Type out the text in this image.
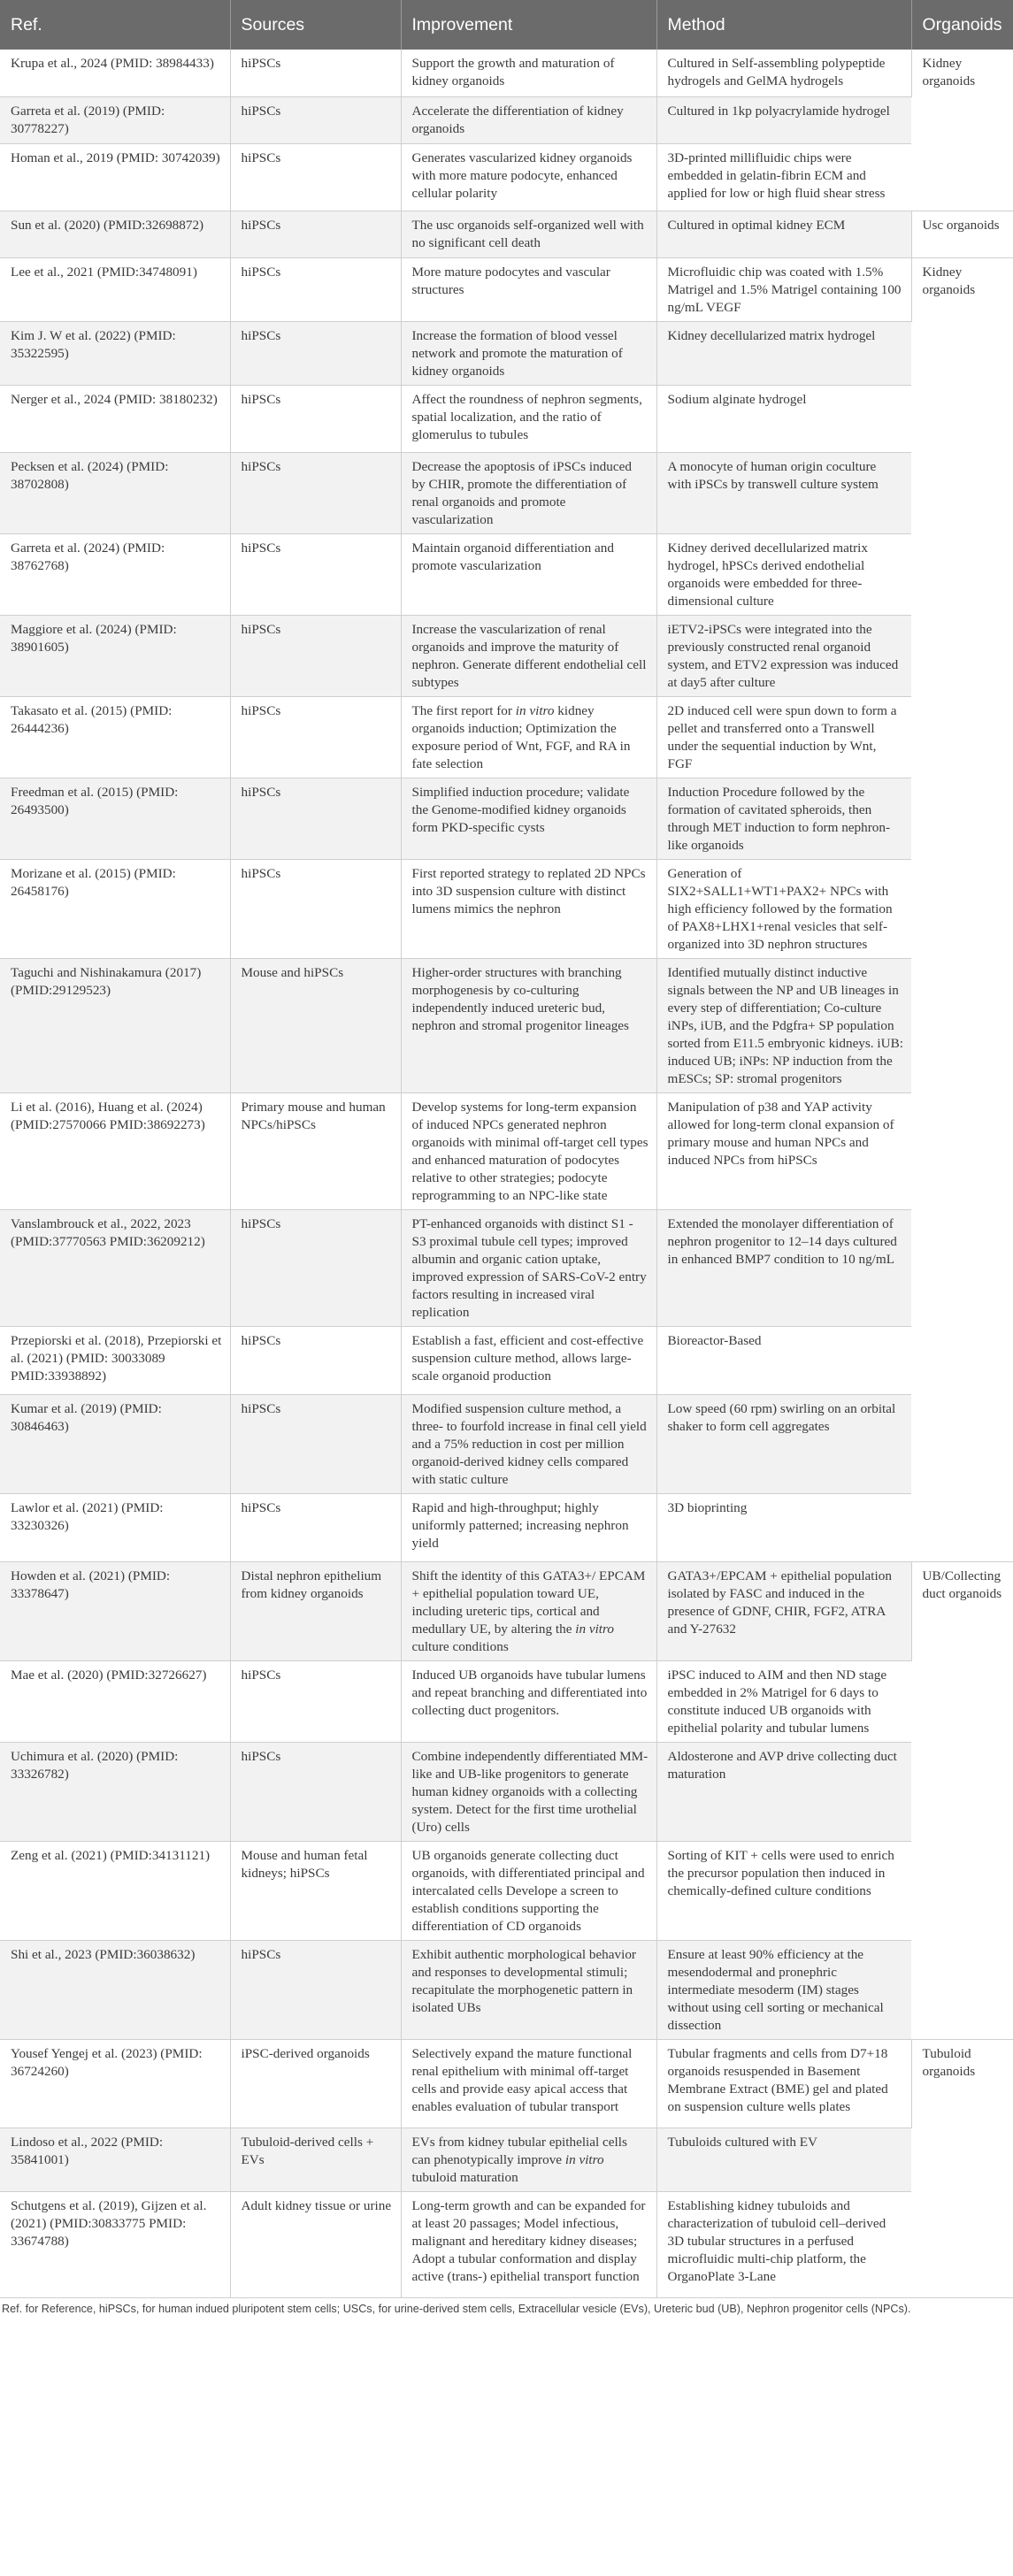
Ref.	Sources	Improvement	Method	Organoids
Krupa et al., 2024 (PMID: 38984433)	hiPSCs	Support the growth and maturation of kidney organoids	Cultured in Self-assembling polypeptide hydrogels and GelMA hydrogels	Kidney organoids
Garreta et al. (2019) (PMID: 30778227)	hiPSCs	Accelerate the differentiation of kidney organoids	Cultured in 1kp polyacrylamide hydrogel	
Homan et al., 2019 (PMID: 30742039)	hiPSCs	Generates vascularized kidney organoids with more mature podocyte, enhanced cellular polarity	3D-printed millifluidic chips were embedded in gelatin-fibrin ECM and applied for low or high fluid shear stress	
Sun et al. (2020) (PMID:32698872)	hiPSCs	The usc organoids self-organized well with no significant cell death	Cultured in optimal kidney ECM	Usc organoids
Lee et al., 2021 (PMID:34748091)	hiPSCs	More mature podocytes and vascular structures	Microfluidic chip was coated with 1.5% Matrigel and 1.5% Matrigel containing 100 ng/mL VEGF	Kidney organoids
Kim J. W et al. (2022) (PMID: 35322595)	hiPSCs	Increase the formation of blood vessel network and promote the maturation of kidney organoids	Kidney decellularized matrix hydrogel	
Nerger et al., 2024 (PMID: 38180232)	hiPSCs	Affect the roundness of nephron segments, spatial localization, and the ratio of glomerulus to tubules	Sodium alginate hydrogel	
Pecksen et al. (2024) (PMID: 38702808)	hiPSCs	Decrease the apoptosis of iPSCs induced by CHIR, promote the differentiation of renal organoids and promote vascularization	A monocyte of human origin coculture with iPSCs by transwell culture system	
Garreta et al. (2024) (PMID: 38762768)	hiPSCs	Maintain organoid differentiation and promote vascularization	Kidney derived decellularized matrix hydrogel, hPSCs derived endothelial organoids were embedded for three-dimensional culture	
Maggiore et al. (2024) (PMID: 38901605)	hiPSCs	Increase the vascularization of renal organoids and improve the maturity of nephron. Generate different endothelial cell subtypes	iETV2-iPSCs were integrated into the previously constructed renal organoid system, and ETV2 expression was induced at day5 after culture	
Takasato et al. (2015) (PMID: 26444236)	hiPSCs	The first report for in vitro kidney organoids induction; Optimization the exposure period of Wnt, FGF, and RA in fate selection	2D induced cell were spun down to form a pellet and transferred onto a Transwell under the sequential induction by Wnt, FGF	
Freedman et al. (2015) (PMID: 26493500)	hiPSCs	Simplified induction procedure; validate the Genome-modified kidney organoids form PKD-specific cysts	Induction Procedure followed by the formation of cavitated spheroids, then through MET induction to form nephron-like organoids	
Morizane et al. (2015) (PMID: 26458176)	hiPSCs	First reported strategy to replated 2D NPCs into 3D suspension culture with distinct lumens mimics the nephron	Generation of SIX2+SALL1+WT1+PAX2+ NPCs with high efficiency followed by the formation of PAX8+LHX1+renal vesicles that self-organized into 3D nephron structures	
Taguchi and Nishinakamura (2017) (PMID:29129523)	Mouse and hiPSCs	Higher-order structures with branching morphogenesis by co-culturing independently induced ureteric bud, nephron and stromal progenitor lineages	Identified mutually distinct inductive signals between the NP and UB lineages in every step of differentiation; Co-culture iNPs, iUB, and the Pdgfra+ SP population sorted from E11.5 embryonic kidneys. iUB: induced UB; iNPs: NP induction from the mESCs; SP: stromal progenitors	
Li et al. (2016), Huang et al. (2024) (PMID:27570066 PMID:38692273)	Primary mouse and human NPCs/hiPSCs	Develop systems for long-term expansion of induced NPCs generated nephron organoids with minimal off-target cell types and enhanced maturation of podocytes relative to other strategies; podocyte reprogramming to an NPC-like state	Manipulation of p38 and YAP activity allowed for long-term clonal expansion of primary mouse and human NPCs and induced NPCs from hiPSCs	
Vanslambrouck et al., 2022, 2023 (PMID:37770563 PMID:36209212)	hiPSCs	PT-enhanced organoids with distinct S1 - S3 proximal tubule cell types; improved albumin and organic cation uptake, improved expression of SARS-CoV-2 entry factors resulting in increased viral replication	Extended the monolayer differentiation of nephron progenitor to 12–14 days cultured in enhanced BMP7 condition to 10 ng/mL	
Przepiorski et al. (2018), Przepiorski et al. (2021) (PMID: 30033089 PMID:33938892)	hiPSCs	Establish a fast, efficient and cost-effective suspension culture method, allows large-scale organoid production	Bioreactor-Based	
Kumar et al. (2019) (PMID: 30846463)	hiPSCs	Modified suspension culture method, a three- to fourfold increase in final cell yield and a 75% reduction in cost per million organoid-derived kidney cells compared with static culture	Low speed (60 rpm) swirling on an orbital shaker to form cell aggregates	
Lawlor et al. (2021) (PMID: 33230326)	hiPSCs	Rapid and high-throughput; highly uniformly patterned; increasing nephron yield	3D bioprinting	
Howden et al. (2021) (PMID: 33378647)	Distal nephron epithelium from kidney organoids	Shift the identity of this GATA3+/ EPCAM + epithelial population toward UE, including ureteric tips, cortical and medullary UE, by altering the in vitro culture conditions	GATA3+/EPCAM + epithelial population isolated by FASC and induced in the presence of GDNF, CHIR, FGF2, ATRA and Y-27632	UB/Collecting duct organoids
Mae et al. (2020) (PMID:32726627)	hiPSCs	Induced UB organoids have tubular lumens and repeat branching and differentiated into collecting duct progenitors.	iPSC induced to AIM and then ND stage embedded in 2% Matrigel for 6 days to constitute induced UB organoids with epithelial polarity and tubular lumens	
Uchimura et al. (2020) (PMID: 33326782)	hiPSCs	Combine independently differentiated MM-like and UB-like progenitors to generate human kidney organoids with a collecting system. Detect for the first time urothelial (Uro) cells	Aldosterone and AVP drive collecting duct maturation	
Zeng et al. (2021) (PMID:34131121)	Mouse and human fetal kidneys; hiPSCs	UB organoids generate collecting duct organoids, with differentiated principal and intercalated cells Develope a screen to establish conditions supporting the differentiation of CD organoids	Sorting of KIT + cells were used to enrich the precursor population then induced in chemically-defined culture conditions	
Shi et al., 2023 (PMID:36038632)	hiPSCs	Exhibit authentic morphological behavior and responses to developmental stimuli; recapitulate the morphogenetic pattern in isolated UBs	Ensure at least 90% efficiency at the mesendodermal and pronephric intermediate mesoderm (IM) stages without using cell sorting or mechanical dissection	
Yousef Yengej et al. (2023) (PMID: 36724260)	iPSC-derived organoids	Selectively expand the mature functional renal epithelium with minimal off-target cells and provide easy apical access that enables evaluation of tubular transport	Tubular fragments and cells from D7+18 organoids resuspended in Basement Membrane Extract (BME) gel and plated on suspension culture wells plates	Tubuloid organoids
Lindoso et al., 2022 (PMID: 35841001)	Tubuloid-derived cells + EVs	EVs from kidney tubular epithelial cells can phenotypically improve in vitro tubuloid maturation	Tubuloids cultured with EV	
Schutgens et al. (2019), Gijzen et al. (2021) (PMID:30833775 PMID: 33674788)	Adult kidney tissue or urine	Long-term growth and can be expanded for at least 20 passages; Model infectious, malignant and hereditary kidney diseases; Adopt a tubular conformation and display active (trans-) epithelial transport function	Establishing kidney tubuloids and characterization of tubuloid cell–derived 3D tubular structures in a perfused microfluidic multi-chip platform, the OrganoPlate 3-Lane	
Ref. for Reference, hiPSCs, for human indued pluripotent stem cells; USCs, for urine-derived stem cells, Extracellular vesicle (EVs), Ureteric bud (UB), Nephron progenitor cells (NPCs).
